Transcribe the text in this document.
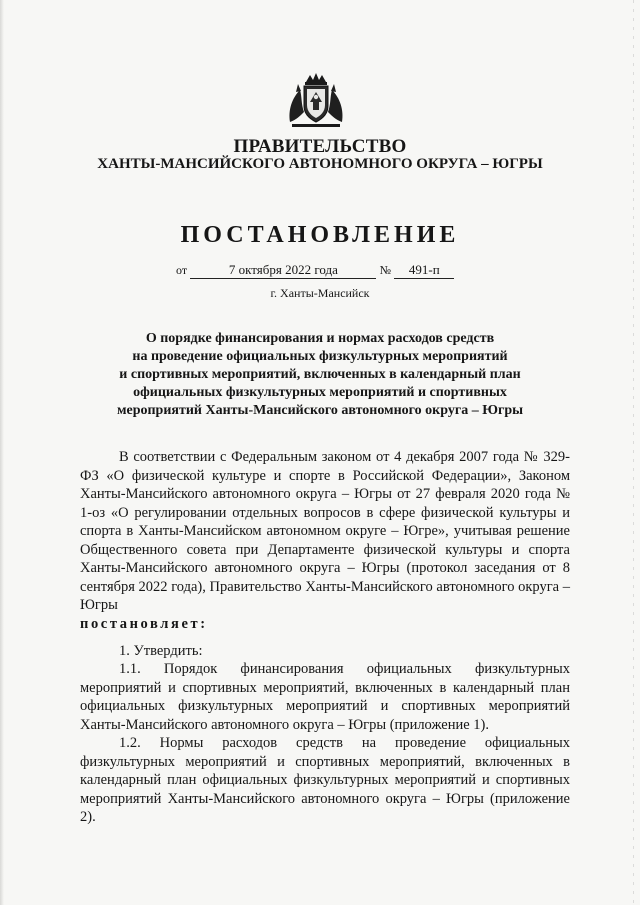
ПРАВИТЕЛЬСТВО
ХАНТЫ-МАНСИЙСКОГО АВТОНОМНОГО ОКРУГА – ЮГРЫ
ПОСТАНОВЛЕНИЕ
от	7 октября 2022 года	№ 491-п
г. Ханты-Мансийск
О порядке финансирования и нормах расходов средств
на проведение официальных физкультурных мероприятий
и спортивных мероприятий, включенных в календарный план
официальных физкультурных мероприятий и спортивных
мероприятий Ханты-Мансийского автономного округа – Югры
В соответствии с Федеральным законом от 4 декабря 2007 года № 329-ФЗ «О физической культуре и спорте в Российской Федерации», Законом Ханты-Мансийского автономного округа – Югры от 27 февраля 2020 года № 1-оз «О регулировании отдельных вопросов в сфере физической культуры и спорта в Ханты-Мансийском автономном округе – Югре», учитывая решение Общественного совета при Департаменте физической культуры и спорта Ханты-Мансийского автономного округа – Югры (протокол заседания от 8 сентября 2022 года), Правительство Ханты-Мансийского автономного округа – Югры
постановляет:
1. Утвердить:
1.1. Порядок финансирования официальных физкультурных мероприятий и спортивных мероприятий, включенных в календарный план официальных физкультурных мероприятий и спортивных мероприятий Ханты-Мансийского автономного округа – Югры (приложение 1).
1.2. Нормы расходов средств на проведение официальных физкультурных мероприятий и спортивных мероприятий, включенных в календарный план официальных физкультурных мероприятий и спортивных мероприятий Ханты-Мансийского автономного округа – Югры (приложение 2).
